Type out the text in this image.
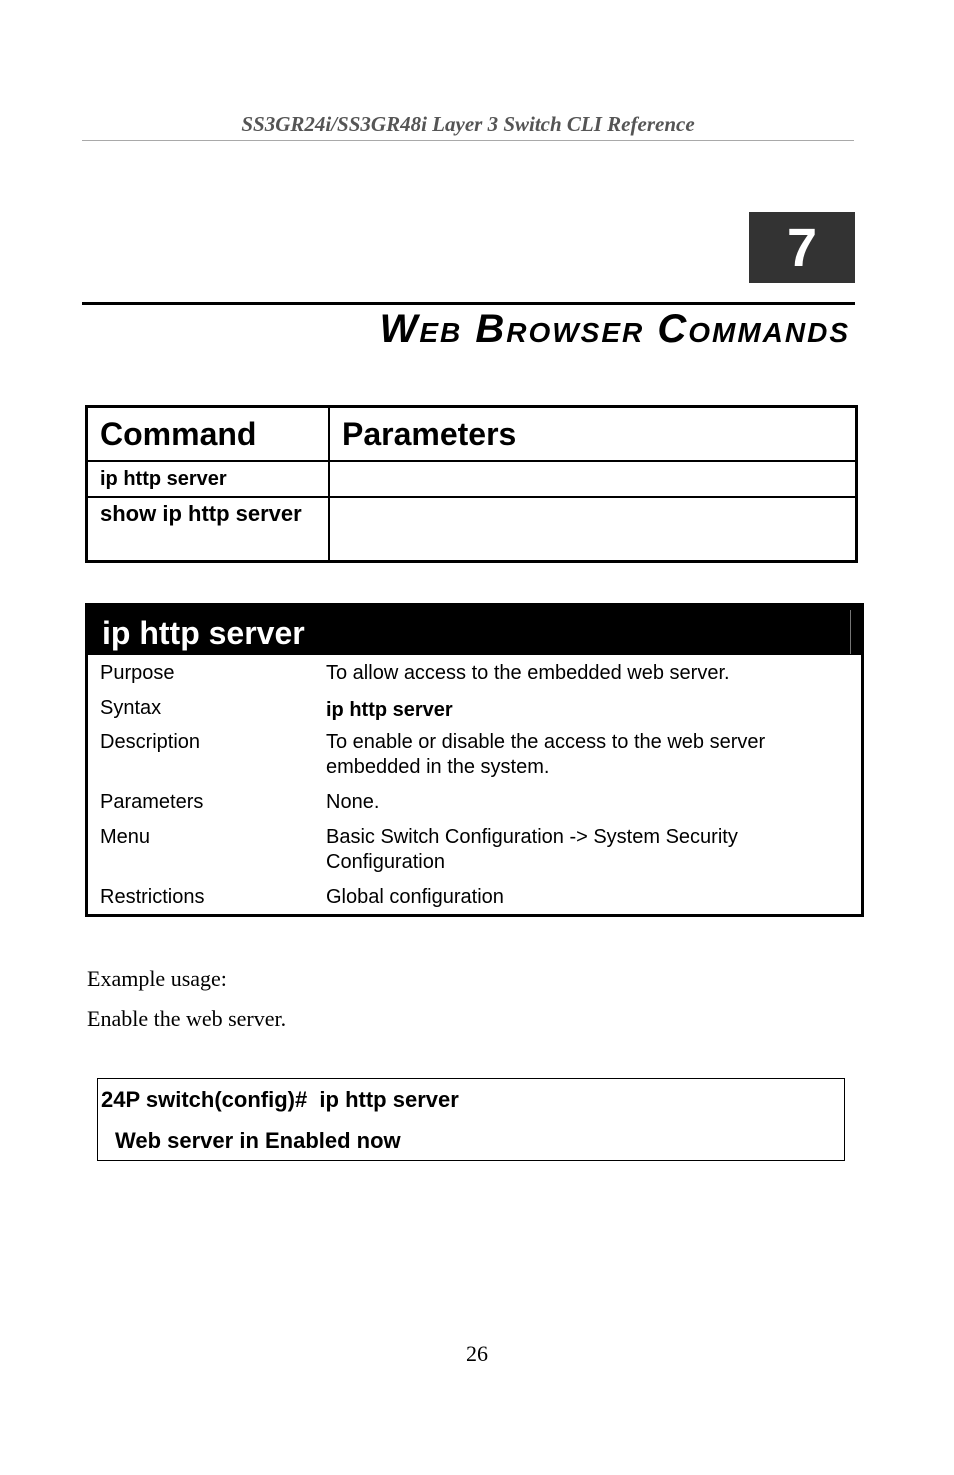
SS3GR24i/SS3GR48i Layer 3 Switch CLI Reference
7
Web Browser Commands
Command	Parameters
ip http server	
show ip http server	
ip http server
Purpose	To allow access to the embedded web server.
Syntax	ip http server
Description	To enable or disable the access to the web server embedded in the system.
Parameters	None.
Menu	Basic Switch Configuration -> System Security Configuration
Restrictions	Global configuration
Example usage:
Enable the web server.
24P switch(config)#  ip http server
Web server in Enabled now
26
